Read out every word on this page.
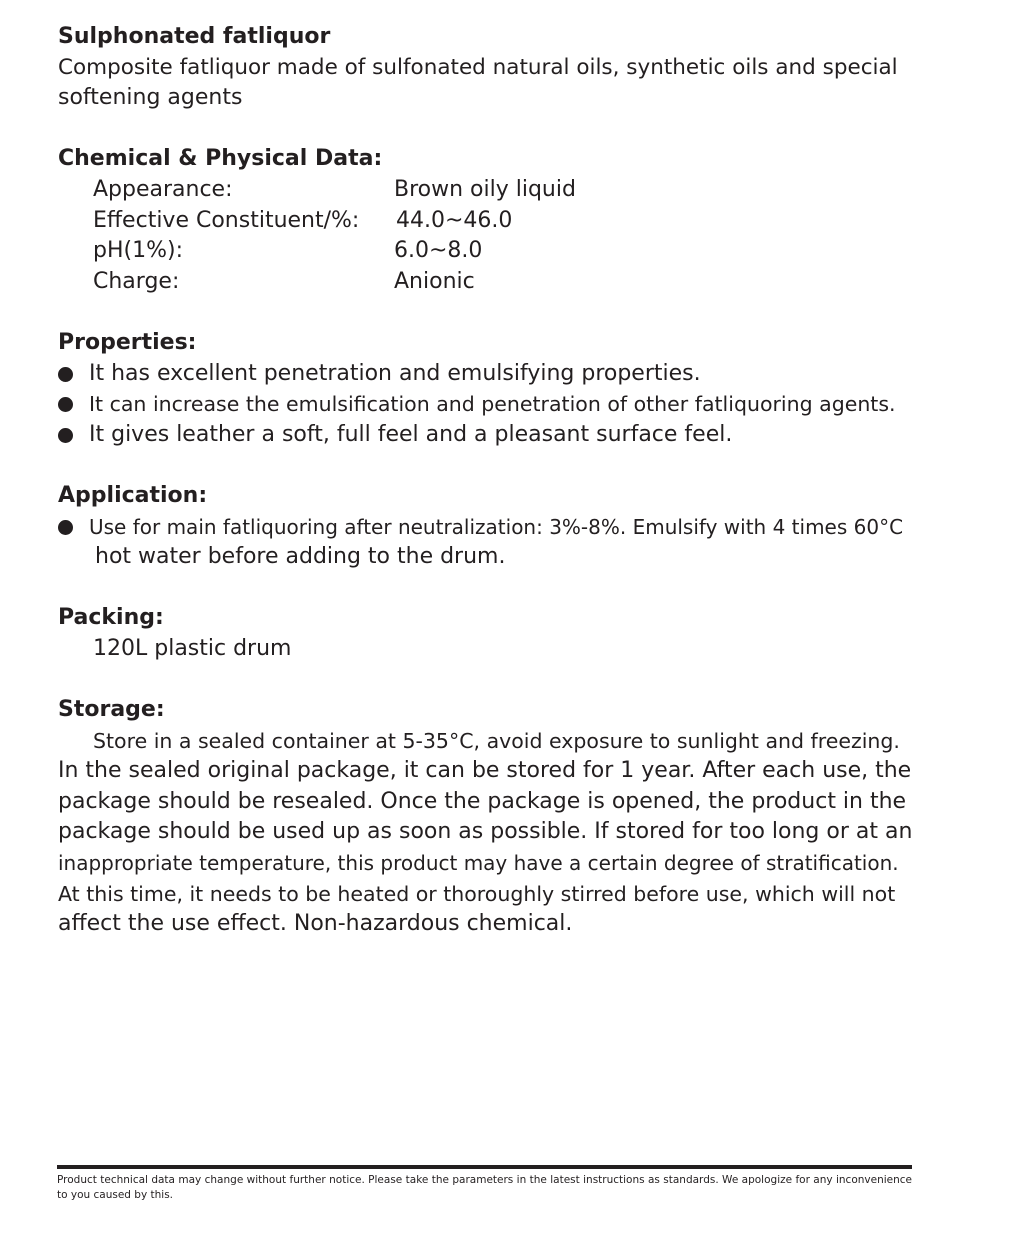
Sulphonated fatliquor
Composite fatliquor made of sulfonated natural oils, synthetic oils and special
softening agents
Chemical & Physical Data:
Appearance:	Brown oily liquid
Effective Constituent/%:	44.0~46.0
pH(1%):	6.0~8.0
Charge:	Anionic
Properties:
It has excellent penetration and emulsifying properties.
It can increase the emulsification and penetration of other fatliquoring agents.
It gives leather a soft, full feel and a pleasant surface feel.
Application:
Use for main fatliquoring after neutralization: 3%-8%. Emulsify with 4 times 60°C
hot water before adding to the drum.
Packing:
120L plastic drum
Storage:
Store in a sealed container at 5-35°C, avoid exposure to sunlight and freezing.
In the sealed original package, it can be stored for 1 year. After each use, the
package should be resealed. Once the package is opened, the product in the
package should be used up as soon as possible. If stored for too long or at an
inappropriate temperature, this product may have a certain degree of stratification.
At this time, it needs to be heated or thoroughly stirred before use, which will not
affect the use effect. Non-hazardous chemical.
Product technical data may change without further notice. Please take the parameters in the latest instructions as standards. We apologize for any inconvenience to you caused by this.
